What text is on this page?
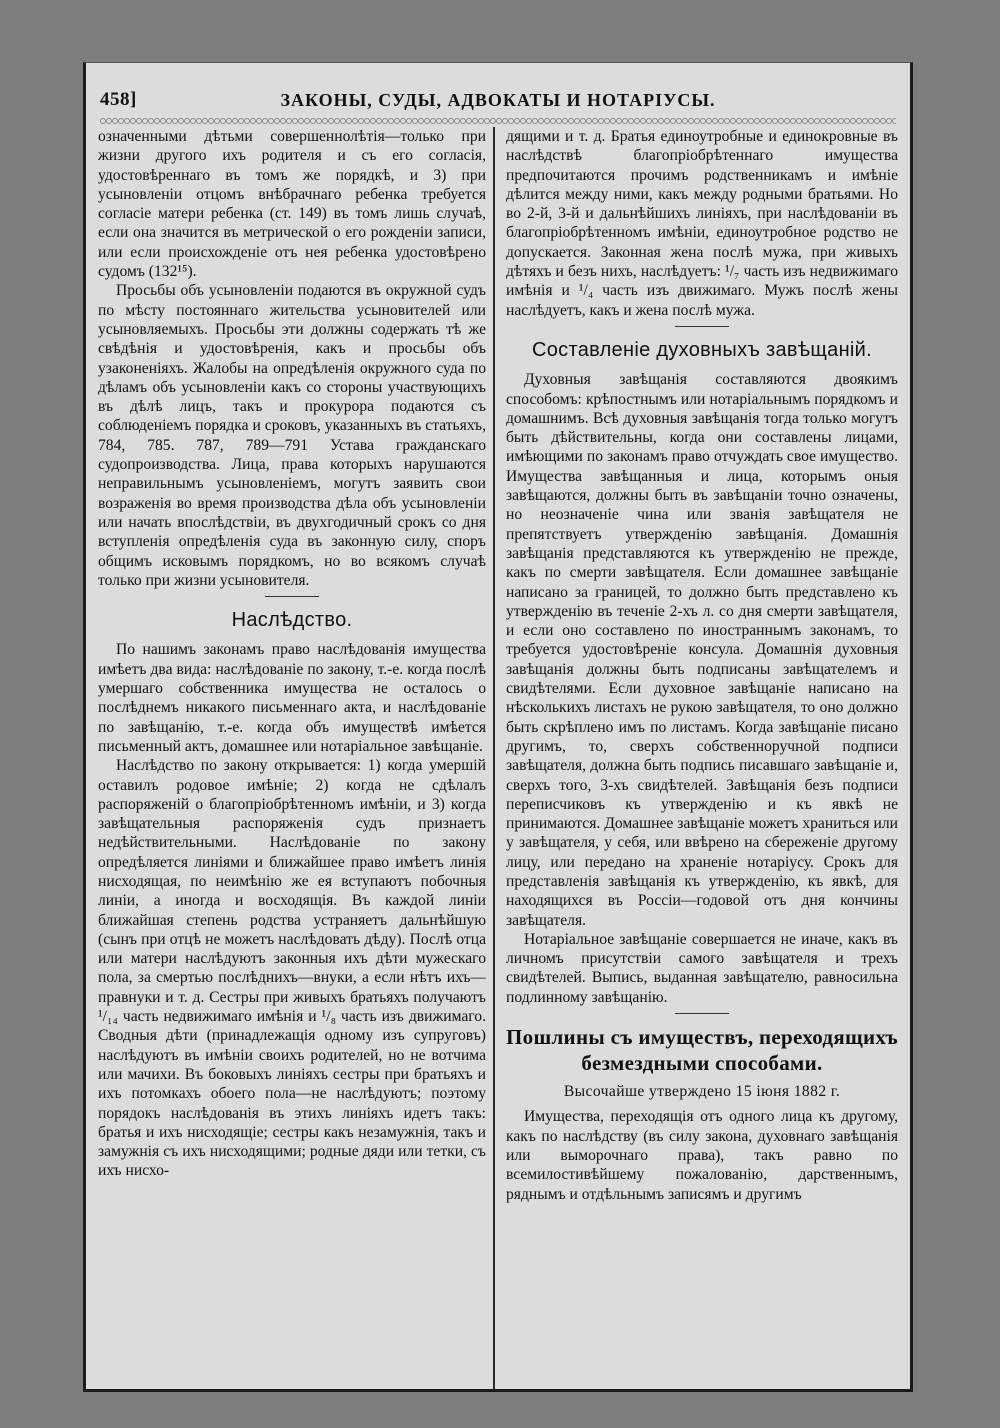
458]	ЗАКОНЫ, СУДЫ, АДВОКАТЫ И НОТАРІУСЫ.

означенными дѣтьми совершеннолѣтія—только при жизни другого ихъ родителя и съ его согласія, удостовѣреннаго въ томъ же порядкѣ, и 3) при усыновленіи отцомъ внѣбрачнаго ребенка требуется согласіе матери ребенка (ст. 149) въ томъ лишь случаѣ, если она значится въ метрической о его рожденіи записи, или если происхожденіе отъ нея ребенка удостовѣрено судомъ (132¹⁵).

Просьбы объ усыновленіи подаются въ окружной судъ по мѣсту постояннаго жительства усыновителей или усыновляемыхъ. Просьбы эти должны содержать тѣ же свѣдѣнія и удостовѣренія, какъ и просьбы объ узаконеніяхъ. Жалобы на опредѣленія окружного суда по дѣламъ объ усыновленіи какъ со стороны участвующихъ въ дѣлѣ лицъ, такъ и прокурора подаются съ соблюденіемъ порядка и сроковъ, указанныхъ въ статьяхъ, 784, 785. 787, 789—791 Устава гражданскаго судопроизводства. Лица, права которыхъ нарушаются неправильнымъ усыновленіемъ, могутъ заявить свои возраженія во время производства дѣла объ усыновленіи или начать впослѣдствіи, въ двухгодичный срокъ со дня вступленія опредѣленія суда въ законную силу, споръ общимъ исковымъ порядкомъ, но во всякомъ случаѣ только при жизни усыновителя.

Наслѣдство.

По нашимъ законамъ право наслѣдованія имущества имѣетъ два вида: наслѣдованіе по закону, т.-е. когда послѣ умершаго собственника имущества не осталось о послѣднемъ никакого письменнаго акта, и наслѣдованіе по завѣщанію, т.-е. когда объ имуществѣ имѣется письменный актъ, домашнее или нотаріальное завѣщаніе.

Наслѣдство по закону открывается: 1) когда умершій оставилъ родовое имѣніе; 2) когда не сдѣлалъ распоряженій о благопріобрѣтенномъ имѣніи, и 3) когда завѣщательныя распоряженія судъ признаетъ недѣйствительными. Наслѣдованіе по закону опредѣляется линіями и ближайшее право имѣетъ линія нисходящая, по неимѣнію же ея вступаютъ побочныя линіи, а иногда и восходящія. Въ каждой линіи ближайшая степень родства устраняетъ дальнѣйшую (сынъ при отцѣ не можетъ наслѣдовать дѣду). Послѣ отца или матери наслѣдуютъ законныя ихъ дѣти мужескаго пола, за смертью послѣднихъ—внуки, а если нѣтъ ихъ—правнуки и т. д. Сестры при живыхъ братьяхъ получаютъ ¹/₁₄ часть недвижимаго имѣнія и ¹/₈ часть изъ движимаго. Сводныя дѣти (принадлежащія одному изъ супруговъ) наслѣдуютъ въ имѣніи своихъ родителей, но не вотчима или мачихи. Въ боковыхъ линіяхъ сестры при братьяхъ и ихъ потомкахъ обоего пола—не наслѣдуютъ; поэтому порядокъ наслѣдованія въ этихъ линіяхъ идетъ такъ: братья и ихъ нисходящіе; сестры какъ незамужнія, такъ и замужнія съ ихъ нисходящими; родные дяди или тетки, съ ихъ нисхо-

дящими и т. д. Братья единоутробные и единокровные въ наслѣдствѣ благопріобрѣтеннаго имущества предпочитаются прочимъ родственникамъ и имѣніе дѣлится между ними, какъ между родными братьями. Но во 2-й, 3-й и дальнѣйшихъ линіяхъ, при наслѣдованіи въ благопріобрѣтенномъ имѣніи, единоутробное родство не допускается. Законная жена послѣ мужа, при живыхъ дѣтяхъ и безъ нихъ, наслѣдуетъ: ¹/₇ часть изъ недвижимаго имѣнія и ¹/₄ часть изъ движимаго. Мужъ послѣ жены наслѣдуетъ, какъ и жена послѣ мужа.

Составленіе духовныхъ завѣщаній.

Духовныя завѣщанія составляются двоякимъ способомъ: крѣпостнымъ или нотаріальнымъ порядкомъ и домашнимъ. Всѣ духовныя завѣщанія тогда только могутъ быть дѣйствительны, когда они составлены лицами, имѣющими по законамъ право отчуждать свое имущество. Имущества завѣщанныя и лица, которымъ оныя завѣщаются, должны быть въ завѣщаніи точно означены, но неозначеніе чина или званія завѣщателя не препятствуетъ утвержденію завѣщанія. Домашнія завѣщанія представляются къ утвержденію не прежде, какъ по смерти завѣщателя. Если домашнее завѣщаніе написано за границей, то должно быть представлено къ утвержденію въ теченіе 2-хъ л. со дня смерти завѣщателя, и если оно составлено по иностраннымъ законамъ, то требуется удостовѣреніе консула. Домашнія духовныя завѣщанія должны быть подписаны завѣщателемъ и свидѣтелями. Если духовное завѣщаніе написано на нѣсколькихъ листахъ не рукою завѣщателя, то оно должно быть скрѣплено имъ по листамъ. Когда завѣщаніе писано другимъ, то, сверхъ собственноручной подписи завѣщателя, должна быть подпись писавшаго завѣщаніе и, сверхъ того, 3-хъ свидѣтелей. Завѣщанія безъ подписи переписчиковъ къ утвержденію и къ явкѣ не принимаются. Домашнее завѣщаніе можетъ храниться или у завѣщателя, у себя, или ввѣрено на сбереженіе другому лицу, или передано на храненіе нотаріусу. Срокъ для представленія завѣщанія къ утвержденію, къ явкѣ, для находящихся въ Россіи—годовой отъ дня кончины завѣщателя.

Нотаріальное завѣщаніе совершается не иначе, какъ въ личномъ присутствіи самого завѣщателя и трехъ свидѣтелей. Выпись, выданная завѣщателю, равносильна подлинному завѣщанію.

Пошлины съ имуществъ, переходящихъ безмездными способами.
Высочайше утверждено 15 іюня 1882 г.

Имущества, переходящія отъ одного лица къ другому, какъ по наслѣдству (въ силу закона, духовнаго завѣщанія или выморочнаго права), такъ равно по всемилостивѣйшему пожалованію, дарственнымъ, ряднымъ и отдѣльнымъ записямъ и другимъ
